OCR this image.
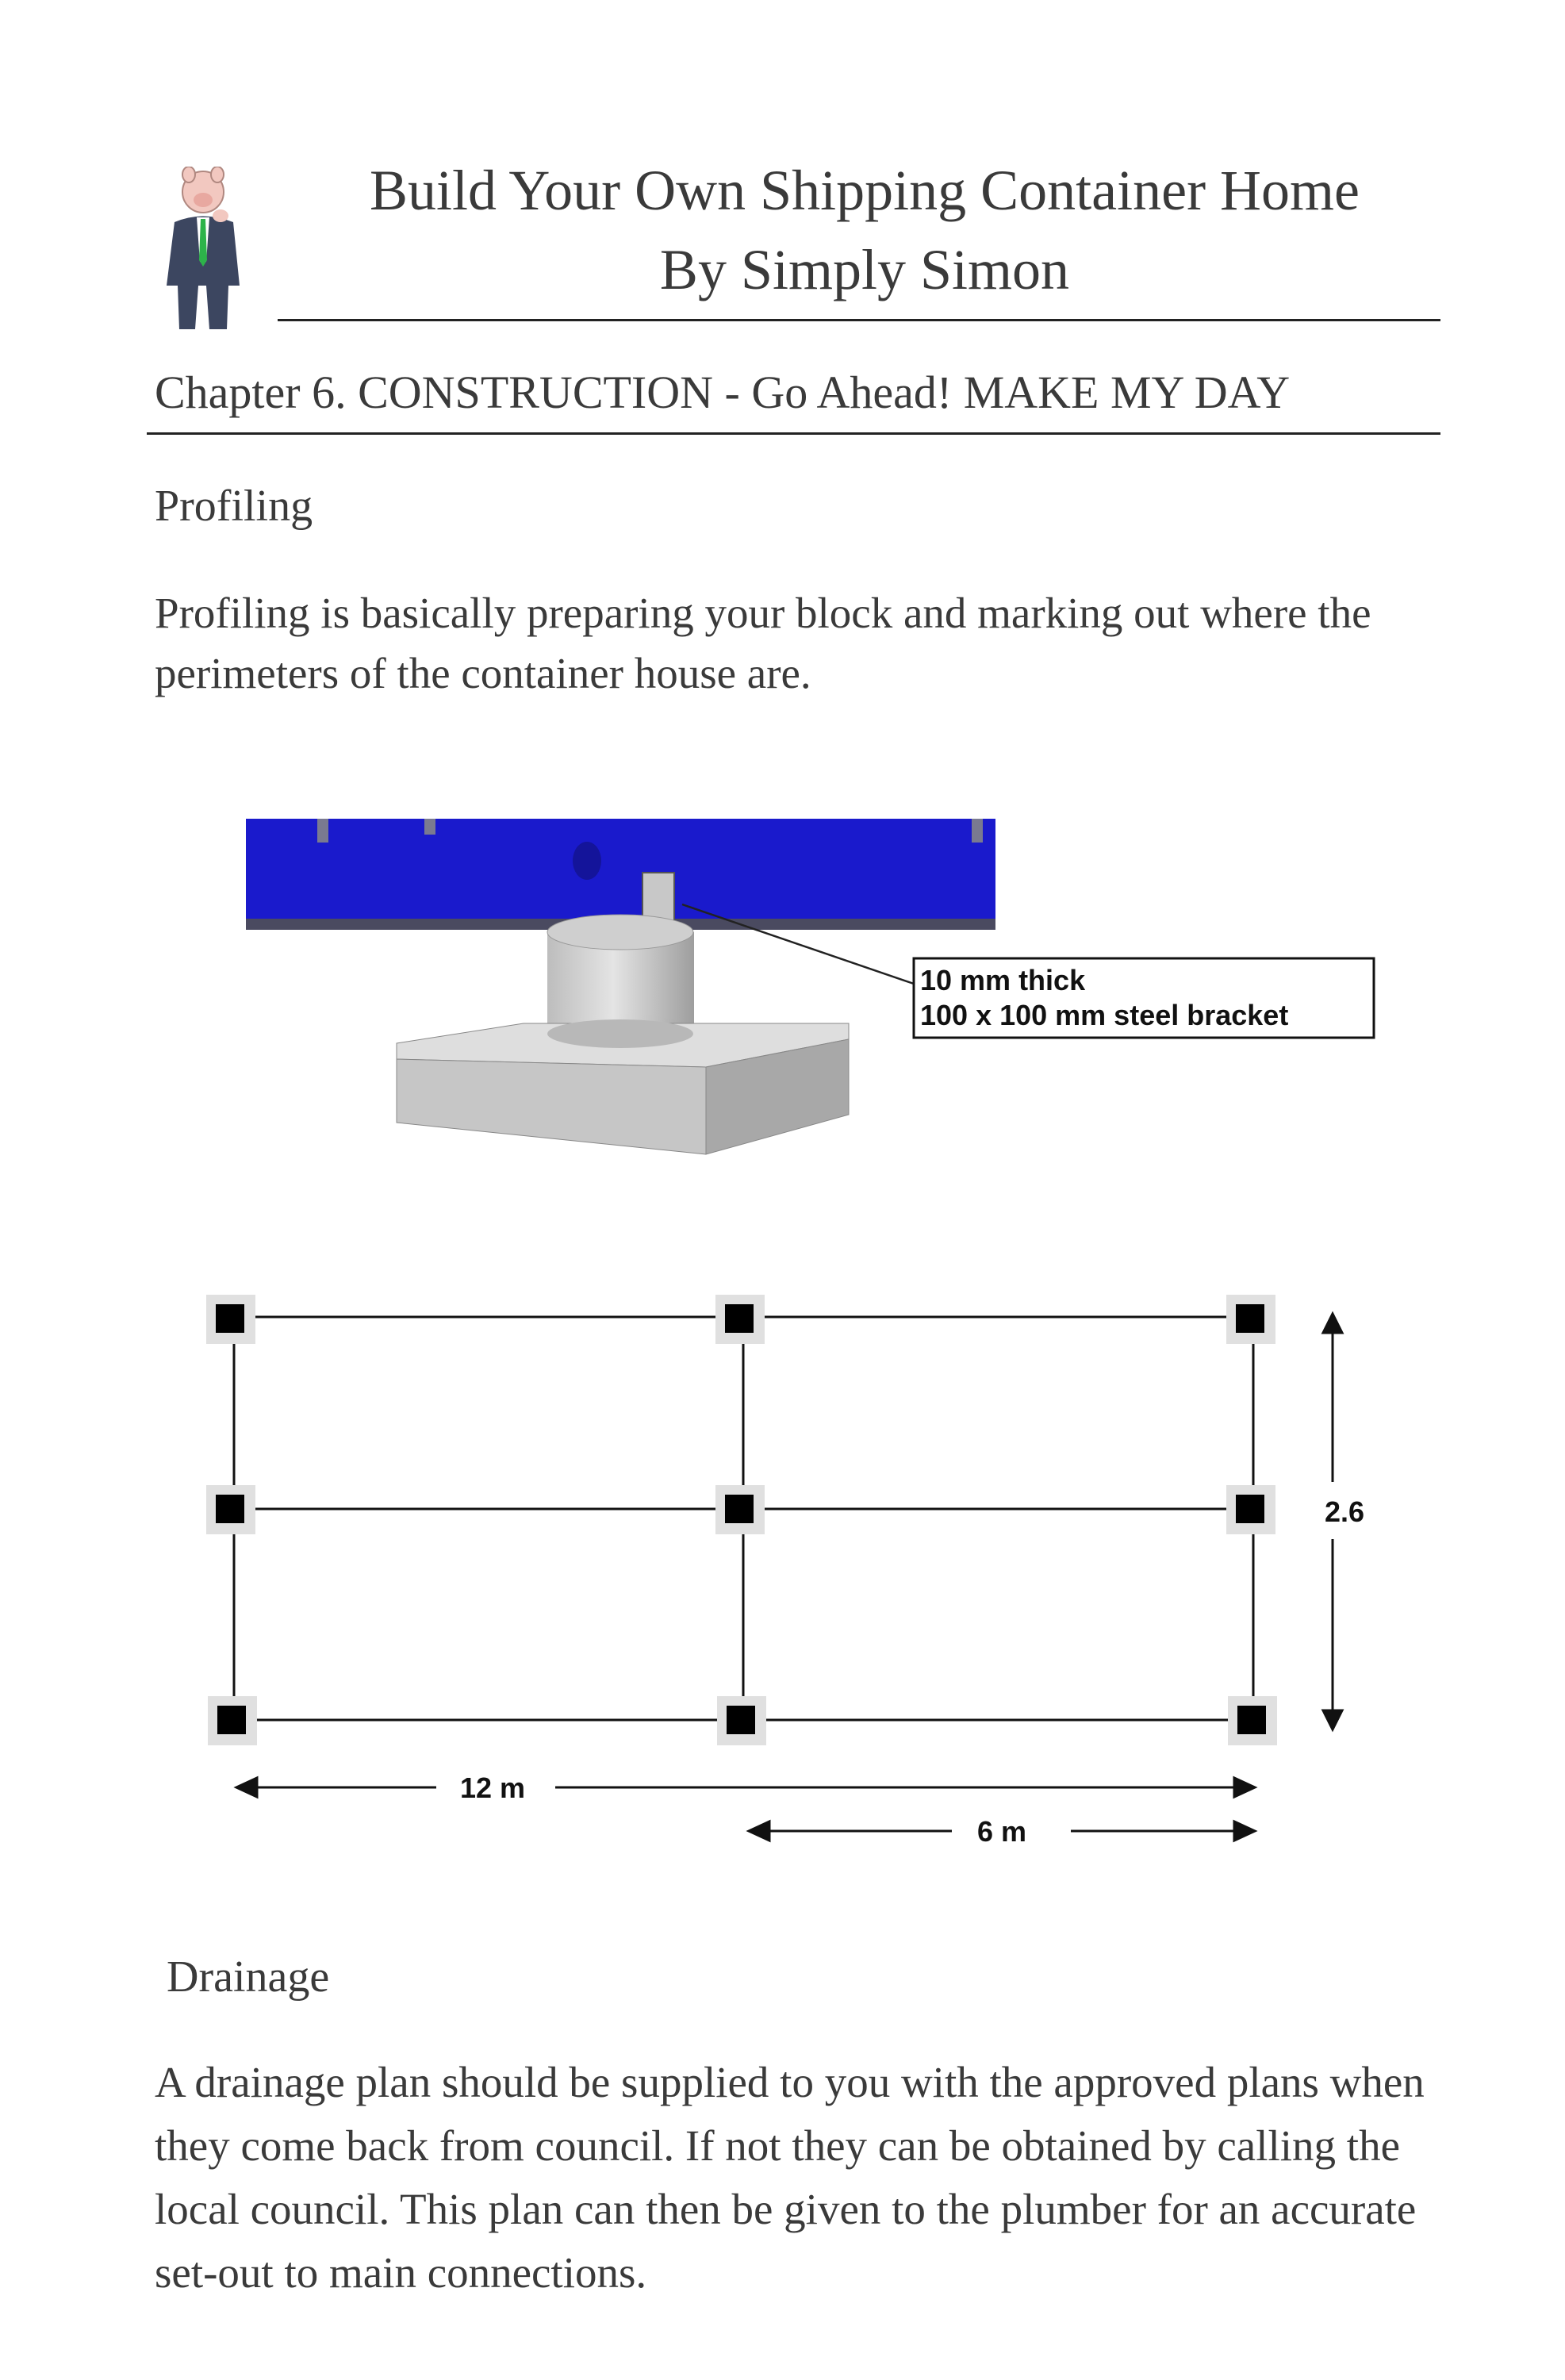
Build Your Own Shipping Container Home
By Simply Simon
Chapter 6. CONSTRUCTION - Go Ahead! MAKE MY DAY
Profiling
Profiling is basically preparing your block and marking out where the perimeters of the container house are.
10 mm thick
100 x 100 mm steel bracket
2.6
12 m
6 m
Drainage
A drainage plan should be supplied to you with the approved plans when they come back from council. If not they can be obtained by calling the local council. This plan can then be given to the plumber for an accurate set-out to main connections.
